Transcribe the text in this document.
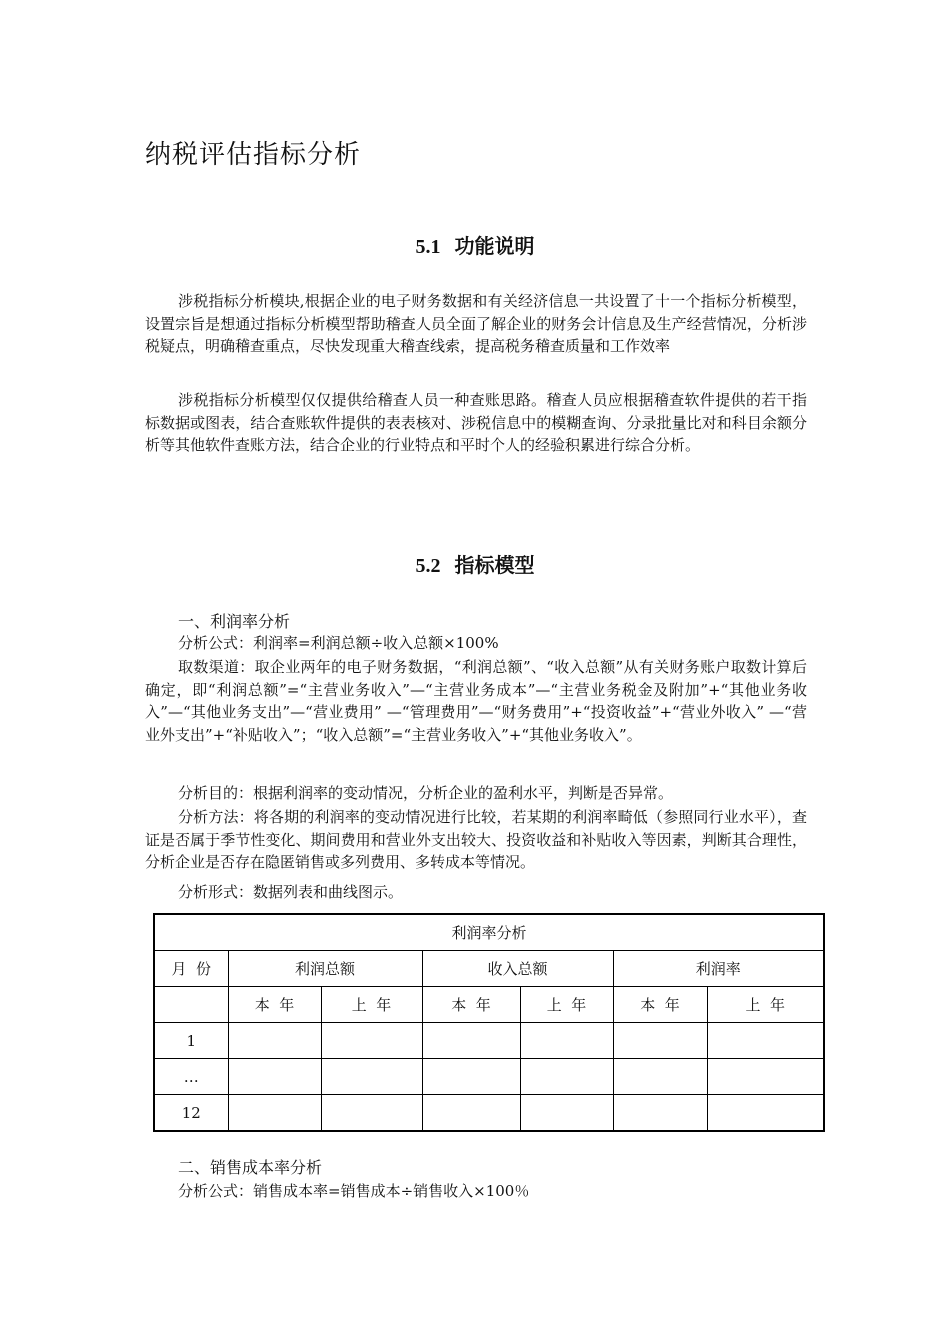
纳税评估指标分析
5.1 功能说明

涉税指标分析模块,根据企业的电子财务数据和有关经济信息一共设置了十一个指标分析模型，设置宗旨是想通过指标分析模型帮助稽查人员全面了解企业的财务会计信息及生产经营情况，分析涉税疑点，明确稽查重点，尽快发现重大稽查线索，提高税务稽查质量和工作效率

涉税指标分析模型仅仅提供给稽查人员一种查账思路。稽查人员应根据稽查软件提供的若干指标数据或图表，结合查账软件提供的表表核对、涉税信息中的模糊查询、分录批量比对和科目余额分析等其他软件查账方法，结合企业的行业特点和平时个人的经验积累进行综合分析。

5.2 指标模型
一、利润率分析

分析公式：利润率=利润总额÷收入总额×100%

取数渠道：取企业两年的电子财务数据，“利润总额”、“收入总额”从有关财务账户取数计算后确定，即“利润总额”=“主营业务收入”—“主营业务成本”—“主营业务税金及附加”+“其他业务收入”—“其他业务支出”—“营业费用” —“管理费用”—“财务费用”+“投资收益”+“营业外收入” —“营业外支出”+“补贴收入”；“收入总额”=“主营业务收入”+“其他业务收入”。

分析目的：根据利润率的变动情况，分析企业的盈利水平，判断是否异常。

分析方法：将各期的利润率的变动情况进行比较，若某期的利润率畸低（参照同行业水平），查证是否属于季节性变化、期间费用和营业外支出较大、投资收益和补贴收入等因素，判断其合理性，分析企业是否存在隐匿销售或多列费用、多转成本等情况。

分析形式：数据列表和曲线图示。

利润率分析						
月  份	利润总额		收入总额		利润率	
	本  年	上  年	本  年	上  年	本  年	上  年
1						
…						
12						
二、销售成本率分析

分析公式：销售成本率=销售成本÷销售收入×100％
